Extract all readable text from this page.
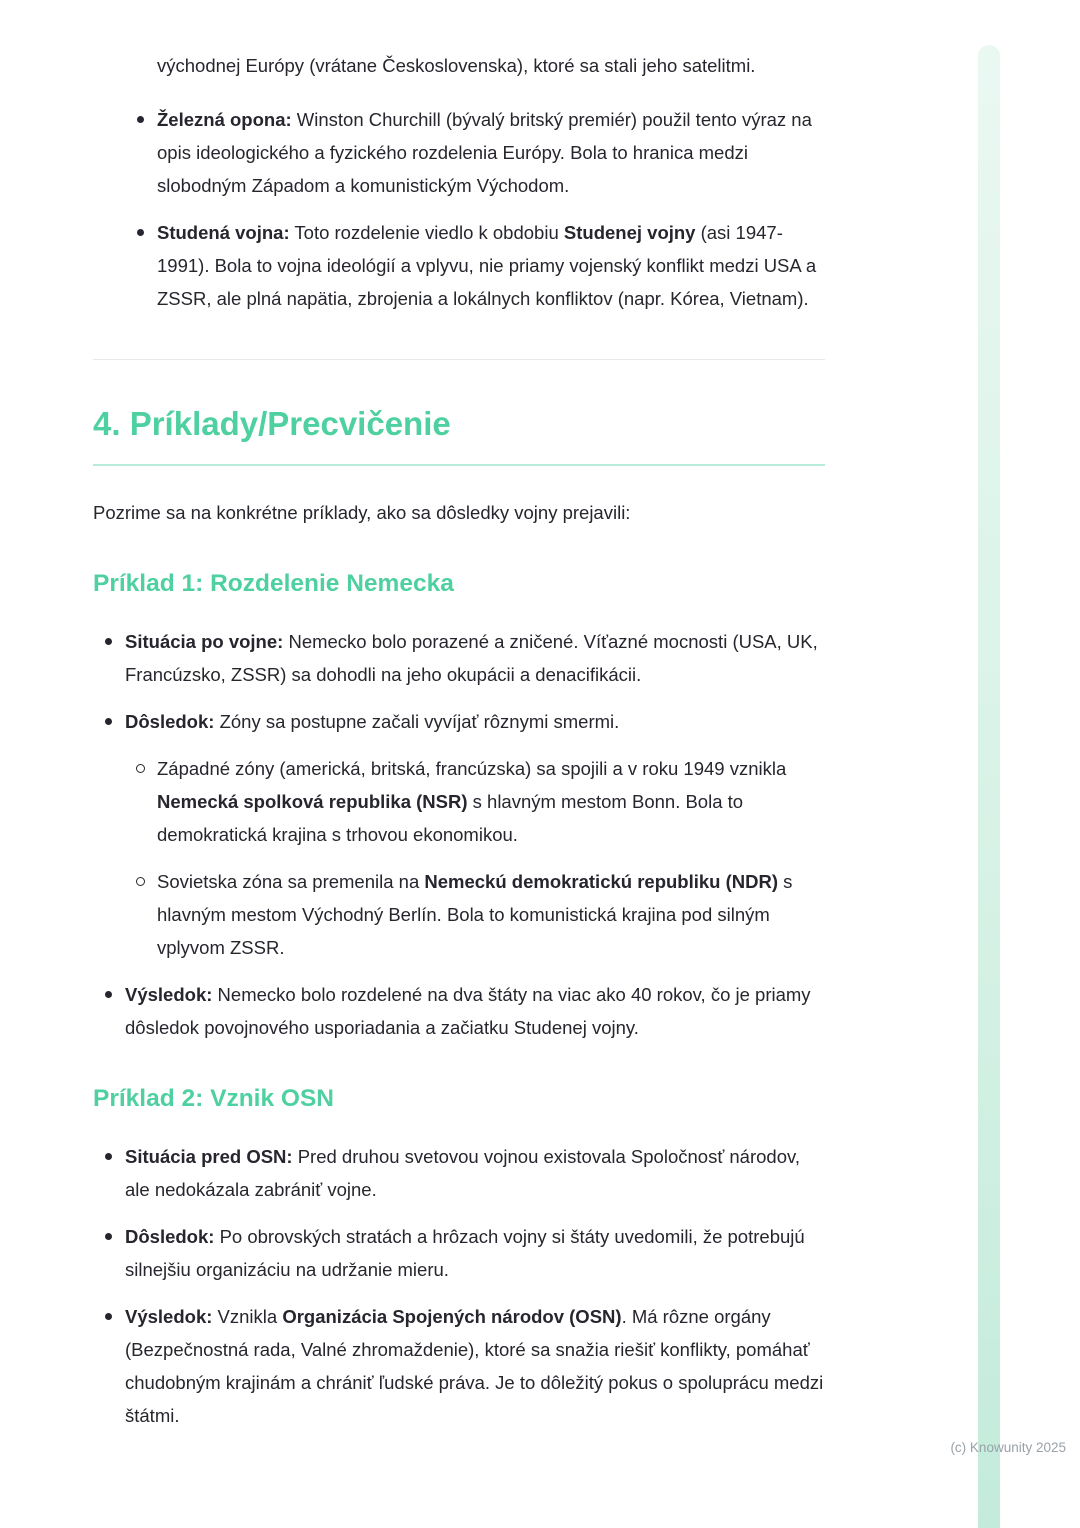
východnej Európy (vrátane Československa), ktoré sa stali jeho satelitmi.

Železná opona: Winston Churchill (bývalý britský premiér) použil tento výraz na opis ideologického a fyzického rozdelenia Európy. Bola to hranica medzi slobodným Západom a komunistickým Východom.
Studená vojna: Toto rozdelenie viedlo k obdobiu Studenej vojny (asi 1947-1991). Bola to vojna ideológií a vplyvu, nie priamy vojenský konflikt medzi USA a ZSSR, ale plná napätia, zbrojenia a lokálnych konfliktov (napr. Kórea, Vietnam).
4. Príklady/Precvičenie

Pozrime sa na konkrétne príklady, ako sa dôsledky vojny prejavili:

Príklad 1: Rozdelenie Nemecka
Situácia po vojne: Nemecko bolo porazené a zničené. Víťazné mocnosti (USA, UK, Francúzsko, ZSSR) sa dohodli na jeho okupácii a denacifikácii.
Dôsledok: Zóny sa postupne začali vyvíjať rôznymi smermi.
Západné zóny (americká, britská, francúzska) sa spojili a v roku 1949 vznikla Nemecká spolková republika (NSR) s hlavným mestom Bonn. Bola to demokratická krajina s trhovou ekonomikou.
Sovietska zóna sa premenila na Nemeckú demokratickú republiku (NDR) s hlavným mestom Východný Berlín. Bola to komunistická krajina pod silným vplyvom ZSSR.
Výsledok: Nemecko bolo rozdelené na dva štáty na viac ako 40 rokov, čo je priamy dôsledok povojnového usporiadania a začiatku Studenej vojny.
Príklad 2: Vznik OSN
Situácia pred OSN: Pred druhou svetovou vojnou existovala Spoločnosť národov, ale nedokázala zabrániť vojne.
Dôsledok: Po obrovských stratách a hrôzach vojny si štáty uvedomili, že potrebujú silnejšiu organizáciu na udržanie mieru.
Výsledok: Vznikla Organizácia Spojených národov (OSN). Má rôzne orgány (Bezpečnostná rada, Valné zhromaždenie), ktoré sa snažia riešiť konflikty, pomáhať chudobným krajinám a chrániť ľudské práva. Je to dôležitý pokus o spoluprácu medzi štátmi.
(c) Knowunity 2025
